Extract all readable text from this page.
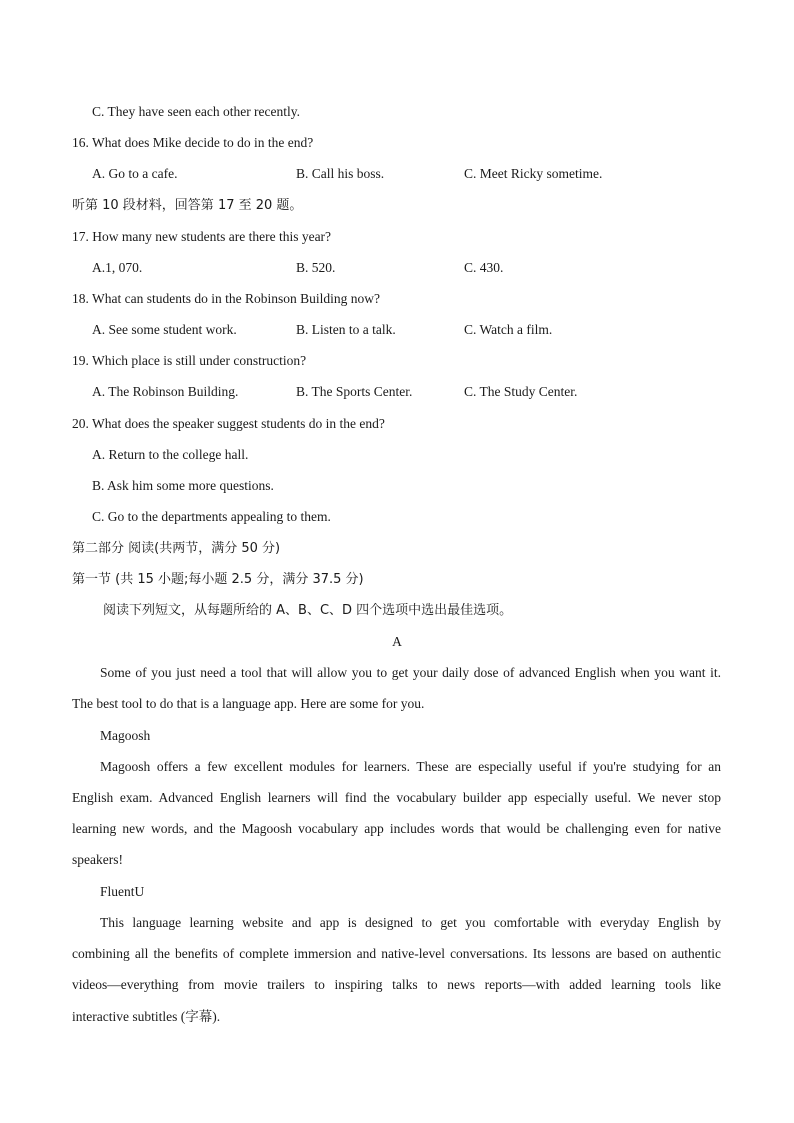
C. They have seen each other recently.
16. What does Mike decide to do in the end?
A. Go to a cafe.	B. Call his boss.	C. Meet Ricky sometime.
听第 10 段材料，回答第 17 至 20 题。
17. How many new students are there this year?
A.1, 070.	B. 520.	C. 430.
18. What can students do in the Robinson Building now?
A. See some student work.	B. Listen to a talk.	C. Watch a film.
19. Which place is still under construction?
A. The Robinson Building.	B. The Sports Center.	C. The Study Center.
20. What does the speaker suggest students do in the end?
A. Return to the college hall.
B. Ask him some more questions.
C. Go to the departments appealing to them.
第二部分 阅读(共两节，满分 50 分)
第一节 (共 15 小题;每小题 2.5 分，满分 37.5 分)
阅读下列短文，从每题所给的 A、B、C、D 四个选项中选出最佳选项。
A
Some of you just need a tool that will allow you to get your daily dose of advanced English when you want it.
The best tool to do that is a language app. Here are some for you.
Magoosh
Magoosh offers a few excellent modules for learners. These are especially useful if you're studying for an
English exam. Advanced English learners will find the vocabulary builder app especially useful. We never stop
learning new words, and the Magoosh vocabulary app includes words that would be challenging even for native
speakers!
FluentU
This language learning website and app is designed to get you comfortable with everyday English by
combining all the benefits of complete immersion and native-level conversations. Its lessons are based on authentic
videos—everything from movie trailers to inspiring talks to news reports—with added learning tools like
interactive subtitles (字幕).
